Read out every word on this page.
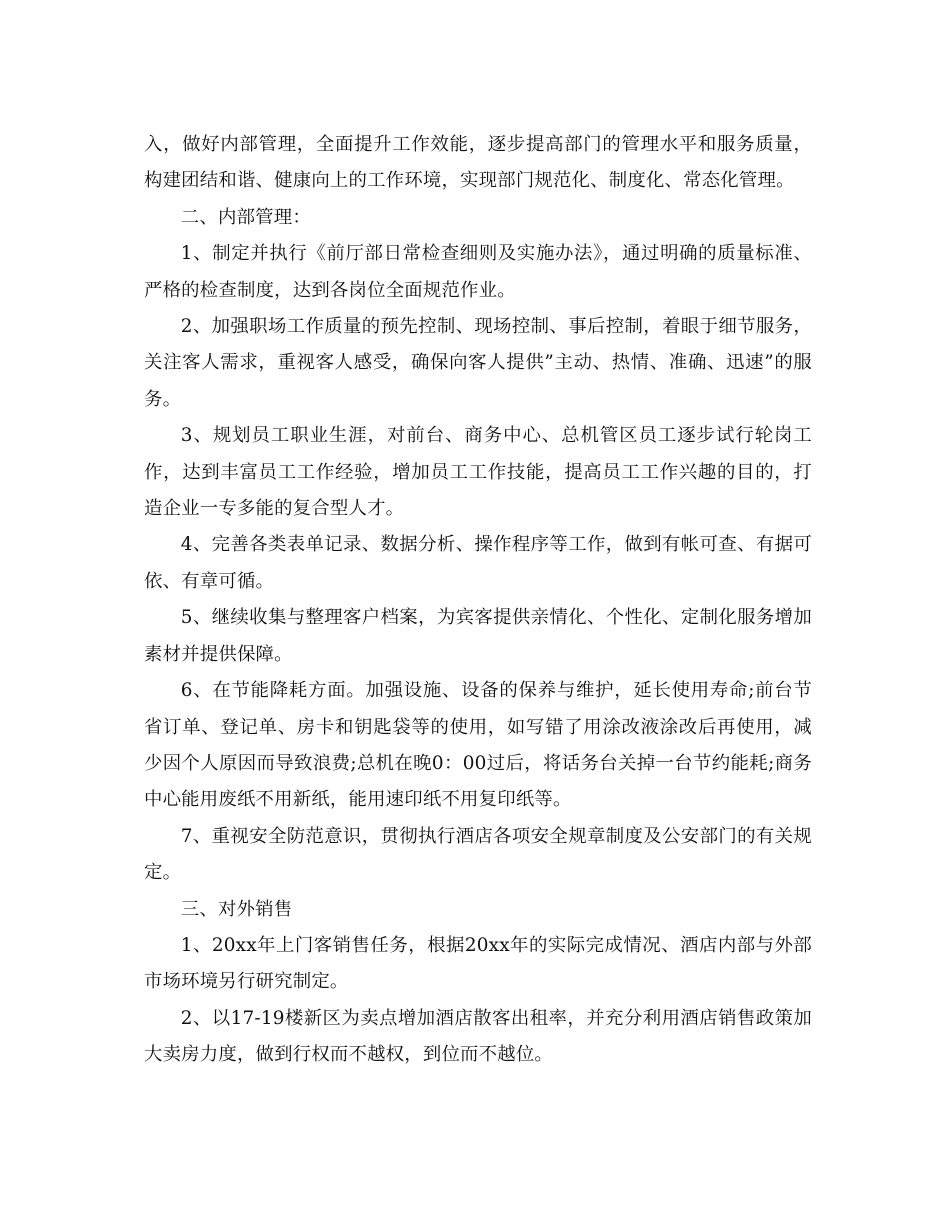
入，做好内部管理，全面提升工作效能，逐步提高部门的管理水平和服务质量，构建团结和谐、健康向上的工作环境，实现部门规范化、制度化、常态化管理。

二、内部管理：

1、制定并执行《前厅部日常检查细则及实施办法》，通过明确的质量标准、严格的检查制度，达到各岗位全面规范作业。

2、加强职场工作质量的预先控制、现场控制、事后控制，着眼于细节服务，关注客人需求，重视客人感受，确保向客人提供”主动、热情、准确、迅速”的服务。

3、规划员工职业生涯，对前台、商务中心、总机管区员工逐步试行轮岗工作，达到丰富员工工作经验，增加员工工作技能，提高员工工作兴趣的目的，打造企业一专多能的复合型人才。

4、完善各类表单记录、数据分析、操作程序等工作，做到有帐可查、有据可依、有章可循。

5、继续收集与整理客户档案，为宾客提供亲情化、个性化、定制化服务增加素材并提供保障。

6、在节能降耗方面。加强设施、设备的保养与维护，延长使用寿命;前台节省订单、登记单、房卡和钥匙袋等的使用，如写错了用涂改液涂改后再使用，减少因个人原因而导致浪费;总机在晚0：00过后，将话务台关掉一台节约能耗;商务中心能用废纸不用新纸，能用速印纸不用复印纸等。

7、重视安全防范意识，贯彻执行酒店各项安全规章制度及公安部门的有关规定。

三、对外销售

1、20xx年上门客销售任务，根据20xx年的实际完成情况、酒店内部与外部市场环境另行研究制定。

2、以17-19楼新区为卖点增加酒店散客出租率，并充分利用酒店销售政策加大卖房力度，做到行权而不越权，到位而不越位。
